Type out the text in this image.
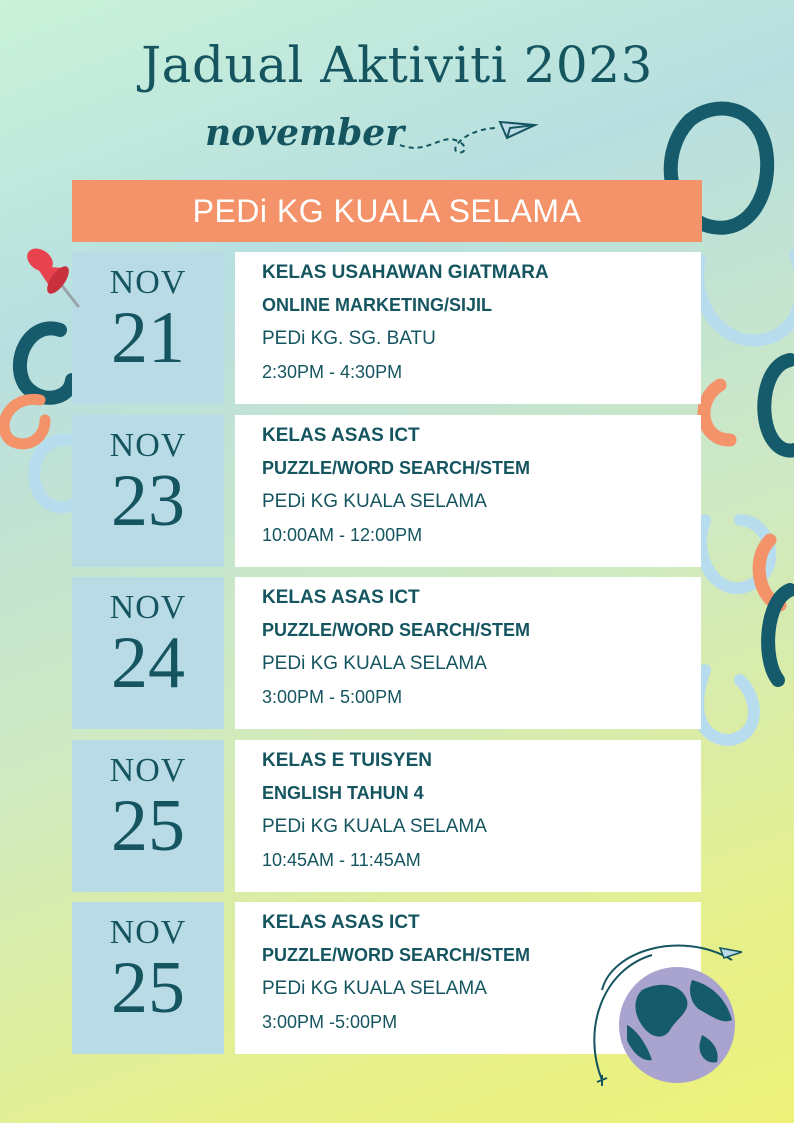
Jadual Aktiviti 2023
november
PEDi KG KUALA SELAMA
NOV
21
KELAS USAHAWAN GIATMARA
ONLINE MARKETING/SIJIL
PEDi KG. SG. BATU
2:30PM - 4:30PM
NOV
23
KELAS ASAS ICT
PUZZLE/WORD SEARCH/STEM
PEDi KG KUALA SELAMA
10:00AM - 12:00PM
NOV
24
KELAS ASAS ICT
PUZZLE/WORD SEARCH/STEM
PEDi KG KUALA SELAMA
3:00PM - 5:00PM
NOV
25
KELAS E TUISYEN
ENGLISH TAHUN 4
PEDi KG KUALA SELAMA
10:45AM - 11:45AM
NOV
25
KELAS ASAS ICT
PUZZLE/WORD SEARCH/STEM
PEDi KG KUALA SELAMA
3:00PM -5:00PM
